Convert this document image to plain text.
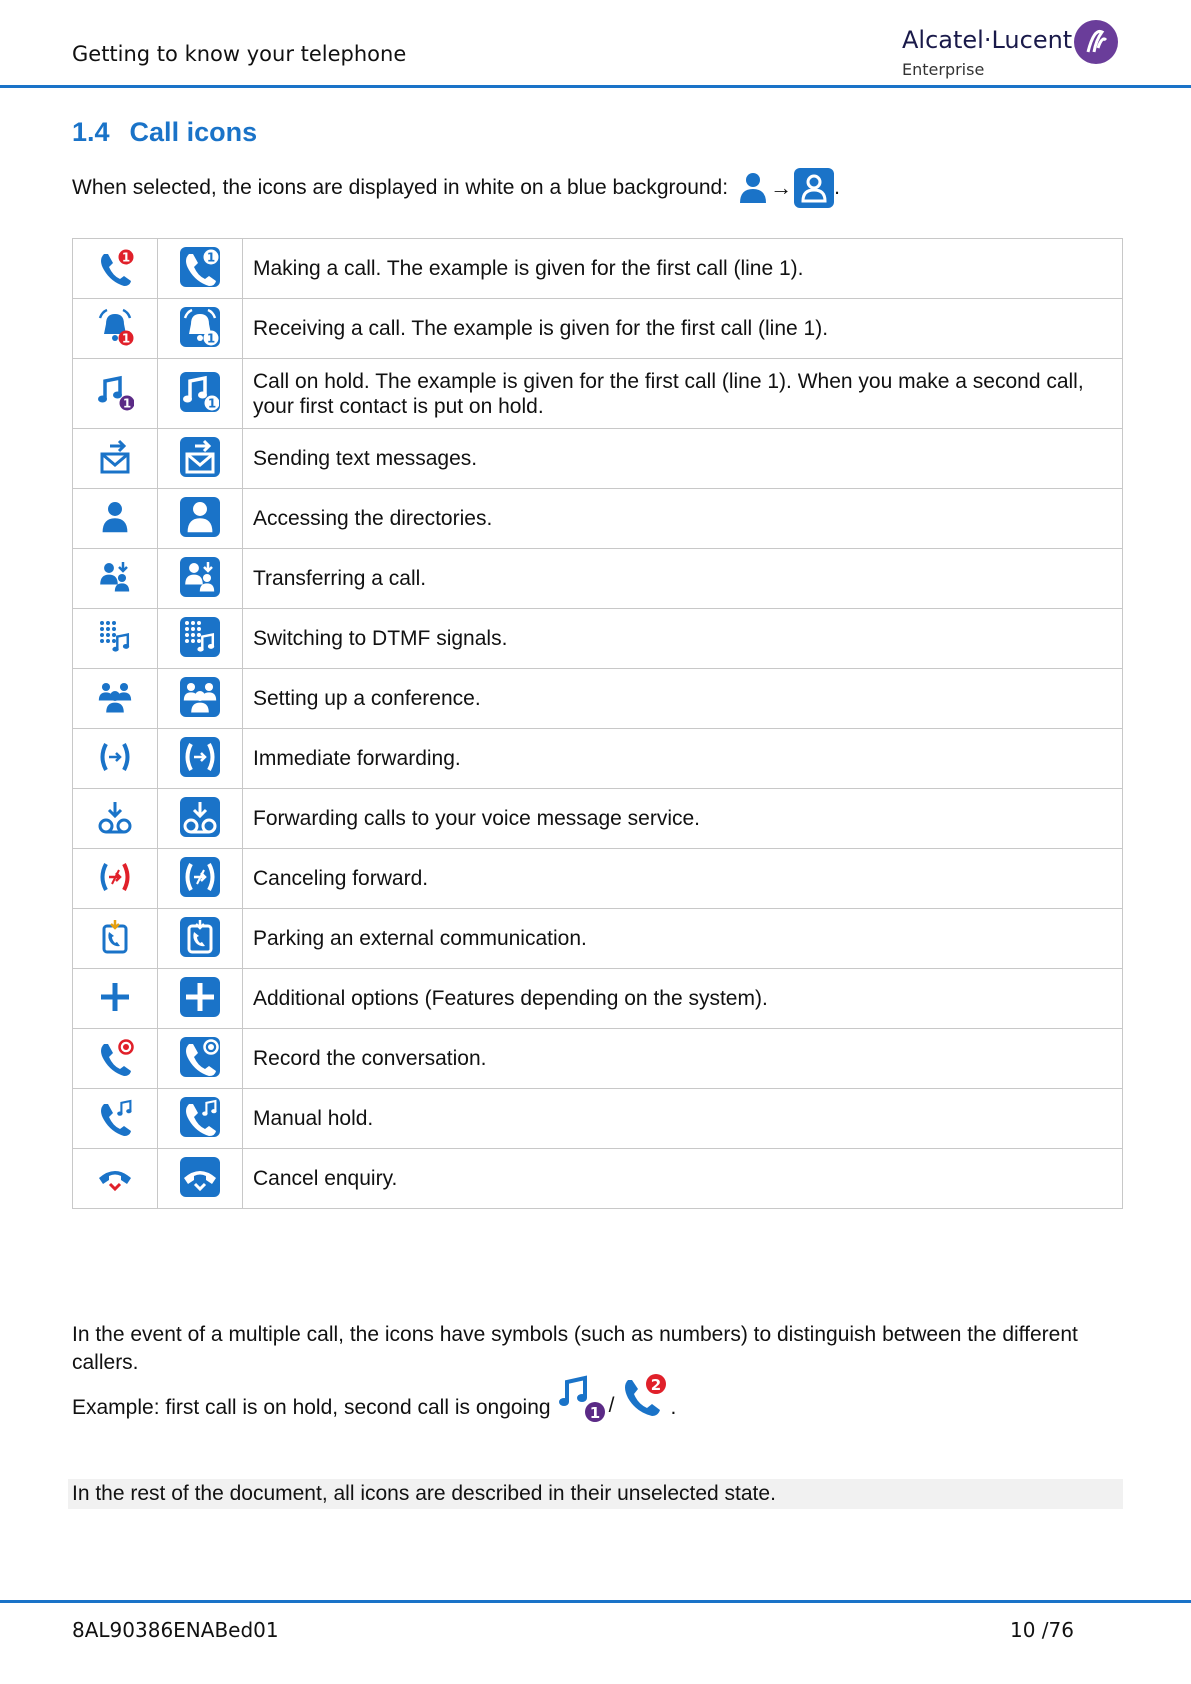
Getting to know your telephone	Alcatel·Lucent
Enterprise
1.4 Call icons
When selected, the icons are displayed in white on a blue background: → .
1	1	Making a call. The example is given for the first call (line 1).

1	1	Receiving a call. The example is given for the first call (line 1).

1	1	Call on hold. The example is given for the first call (line 1). When you make a second call, your first contact is put on hold.

	Sending text messages.

	Accessing the directories.

	Transferring a call.

	Switching to DTMF signals.

	Setting up a conference.

	Immediate forwarding.

	Forwarding calls to your voice message service.

	Canceling forward.

	Parking an external communication.

	Additional options (Features depending on the system).

	Record the conversation.

	Manual hold.

	Cancel enquiry.
In the event of a multiple call, the icons have symbols (such as numbers) to distinguish between the different callers.
Example: first call is on hold, second call is ongoing	1 /
2
.
In the rest of the document, all icons are described in their unselected state.
8AL90386ENABed01	10 /76
